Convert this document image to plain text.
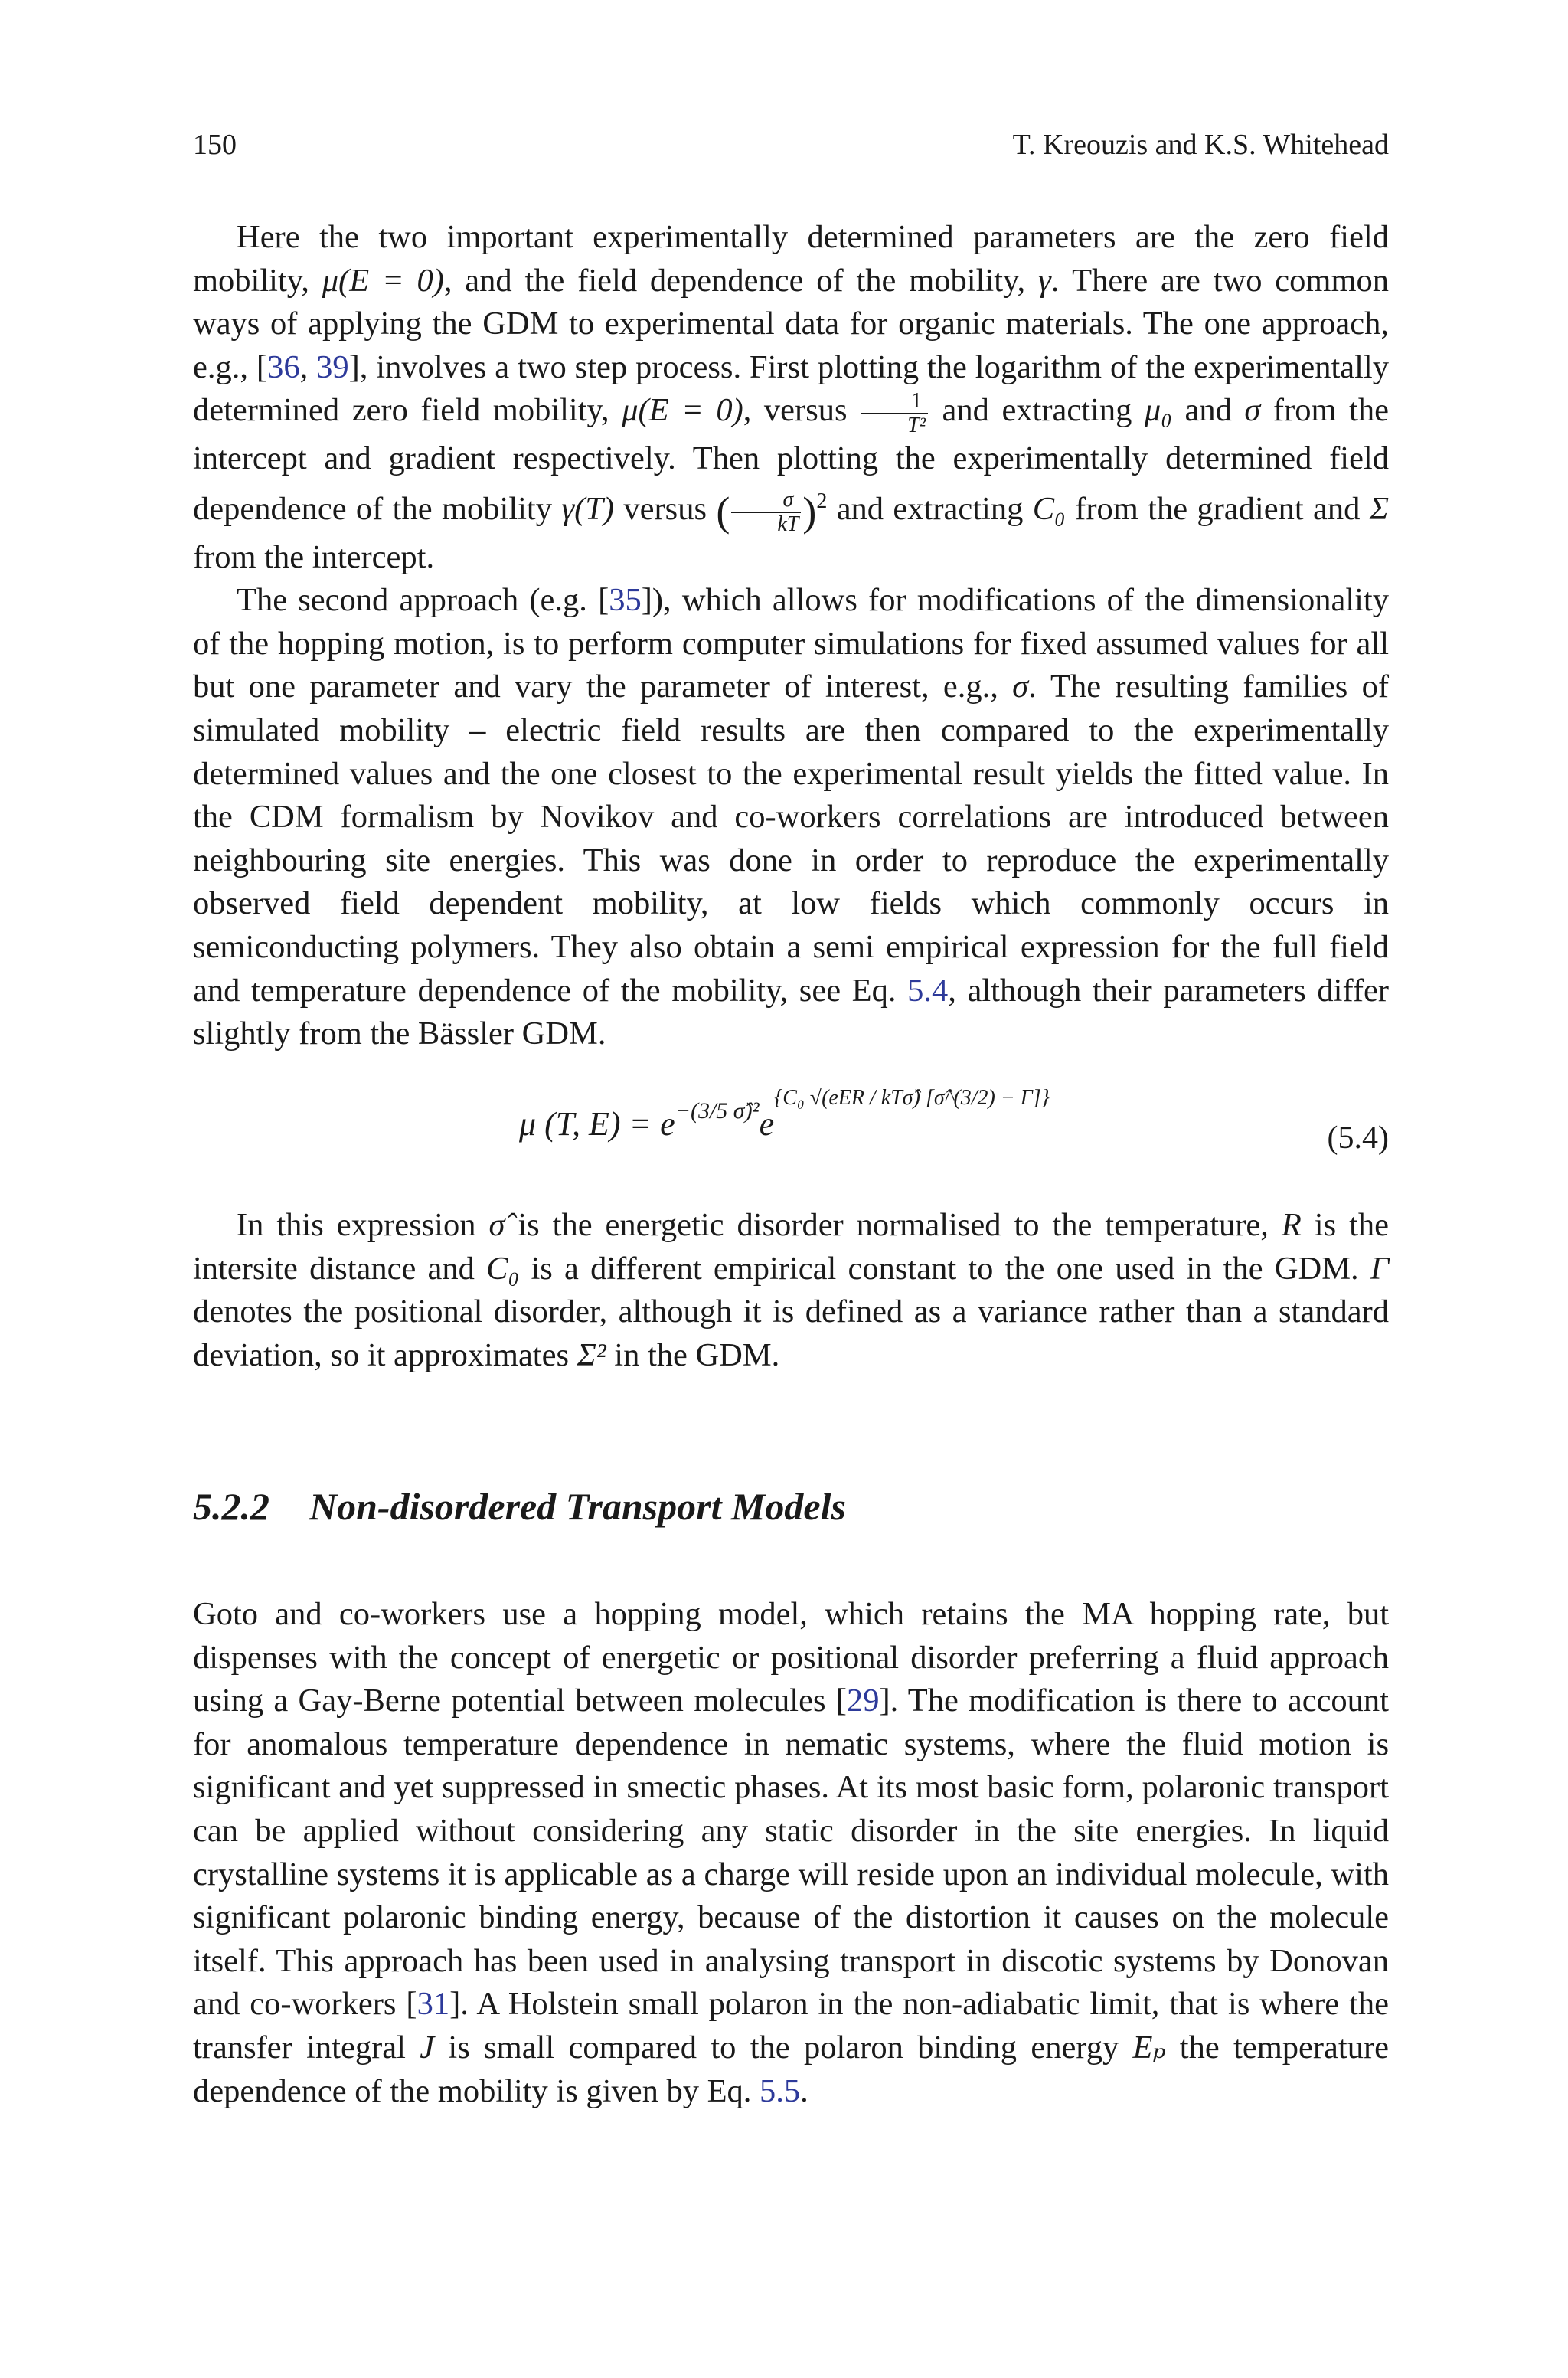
150	T. Kreouzis and K.S. Whitehead

Here the two important experimentally determined parameters are the zero field mobility, μ(E = 0), and the field dependence of the mobility, γ. There are two common ways of applying the GDM to experimental data for organic materials. The one approach, e.g., [36, 39], involves a two step process. First plotting the logarithm of the experimentally determined zero field mobility, μ(E = 0), versus $\frac{1}{\text{T²}}$ and extracting μ₀ and σ from the intercept and gradient respectively. Then plotting the experimentally determined field dependence of the mobility γ(T) versus ( $\frac{\sigma}{kT} )^2$ and extracting C₀ from the gradient and Σ from the intercept.

The second approach (e.g. [35]), which allows for modifications of the dimensionality of the hopping motion, is to perform computer simulations for fixed assumed values for all but one parameter and vary the parameter of interest, e.g., σ. The resulting families of simulated mobility – electric field results are then compared to the experimentally determined values and the one closest to the experimental result yields the fitted value. In the CDM formalism by Novikov and co-workers correlations are introduced between neighbouring site energies. This was done in order to reproduce the experimentally observed field dependent mobility, at low fields which commonly occurs in semiconducting polymers. They also obtain a semi empirical expression for the full field and temperature dependence of the mobility, see Eq. 5.4, although their parameters differ slightly from the Bässler GDM.

μ (T, $E) = e^{-(3/5 \sigmâ)^2}e^{\{C_0 √(eER / kT\sigmâ) [\sigmâ\^{}(3/2) - \Gamma]\}}$
(5.4)

In this expression σ̂ is the energetic disorder normalised to the temperature, R is the intersite distance and C₀ is a different empirical constant to the one used in the GDM. Γ denotes the positional disorder, although it is defined as a variance rather than a standard deviation, so it approximates Σ² in the GDM.

5.2.2 Non-disordered Transport Models

Goto and co-workers use a hopping model, which retains the MA hopping rate, but dispenses with the concept of energetic or positional disorder preferring a fluid approach using a Gay-Berne potential between molecules [29]. The modification is there to account for anomalous temperature dependence in nematic systems, where the fluid motion is significant and yet suppressed in smectic phases. At its most basic form, polaronic transport can be applied without considering any static disorder in the site energies. In liquid crystalline systems it is applicable as a charge will reside upon an individual molecule, with significant polaronic binding energy, because of the distortion it causes on the molecule itself. This approach has been used in analysing transport in discotic systems by Donovan and co-workers [31]. A Holstein small polaron in the non-adiabatic limit, that is where the transfer integral J is small compared to the polaron binding energy Eₚ the temperature dependence of the mobility is given by Eq. 5.5.
